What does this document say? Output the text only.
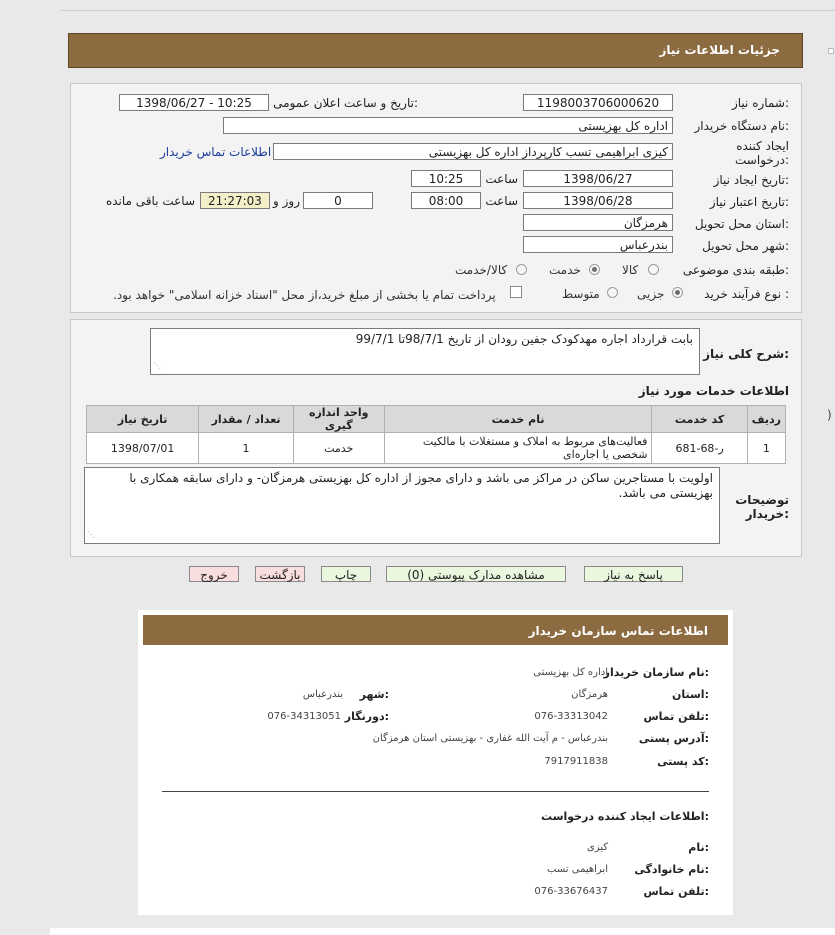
)
جزئیات اطلاعات نیاز
شماره نیاز:
1198003706000620
تاریخ و ساعت اعلان عمومی:
1398/06/27 - 10:25
نام دستگاه خریدار:
اداره کل بهزیستی
ایجاد کننده درخواست:
کیزی ابراهیمی تسب کارپرداز اداره کل بهزیستی
اطلاعات تماس خریدار
تاریخ ایجاد نیاز:
1398/06/27
ساعت
10:25
تاریخ اعتبار نیاز:
1398/06/28
ساعت
08:00
0
روز و
21:27:03
ساعت باقی مانده
استان محل تحویل:
هرمزگان
شهر محل تحویل:
بندرعباس
طبقه بندی موضوعی:
کالا
خدمت
کالا/خدمت
نوع فرآیند خرید :
جزیی
متوسط
پرداخت تمام یا بخشی از مبلغ خرید،از محل "اسناد خزانه اسلامی" خواهد بود.
شرح کلی نیاز:
بابت قرارداد اجاره مهدکودک جفین رودان از تاریخ 98/7/1تا 99/7/1
⋰
اطلاعات خدمات مورد نیاز
تاریخ نیاز	تعداد / مقدار	واحد اندازه گیری	نام خدمت	کد خدمت	ردیف
1398/07/01	1	خدمت	فعالیت‌های مربوط به املاک و مستغلات با مالکیت شخصی یا اجاره‌ای	ر-68-681	1
توضیحات خریدار:
اولویت با مستاجرین ساکن در مراکز می باشد و دارای مجوز از اداره کل بهزیستی هرمزگان- و دارای سابقه همکاری با بهزیستی می باشد.
⋰
پاسخ به نیاز
مشاهده مدارک پیوستی (0)
چاپ
بازگشت
خروج
اطلاعات تماس سازمان خریدار
نام سازمان خریدار:
اداره کل بهزیستی
استان:
هرمزگان
شهر:
بندرعباس
تلفن تماس:
076-33313042
دورنگار:
076-34313051
آدرس پستی:
بندرعباس - م آیت الله غفاری - بهزیستی استان هرمزگان
کد پستی:
7917911838
اطلاعات ایجاد کننده درخواست:
نام:
کیزی
نام خانوادگی:
ابراهیمی تسب
تلفن تماس:
076-33676437
